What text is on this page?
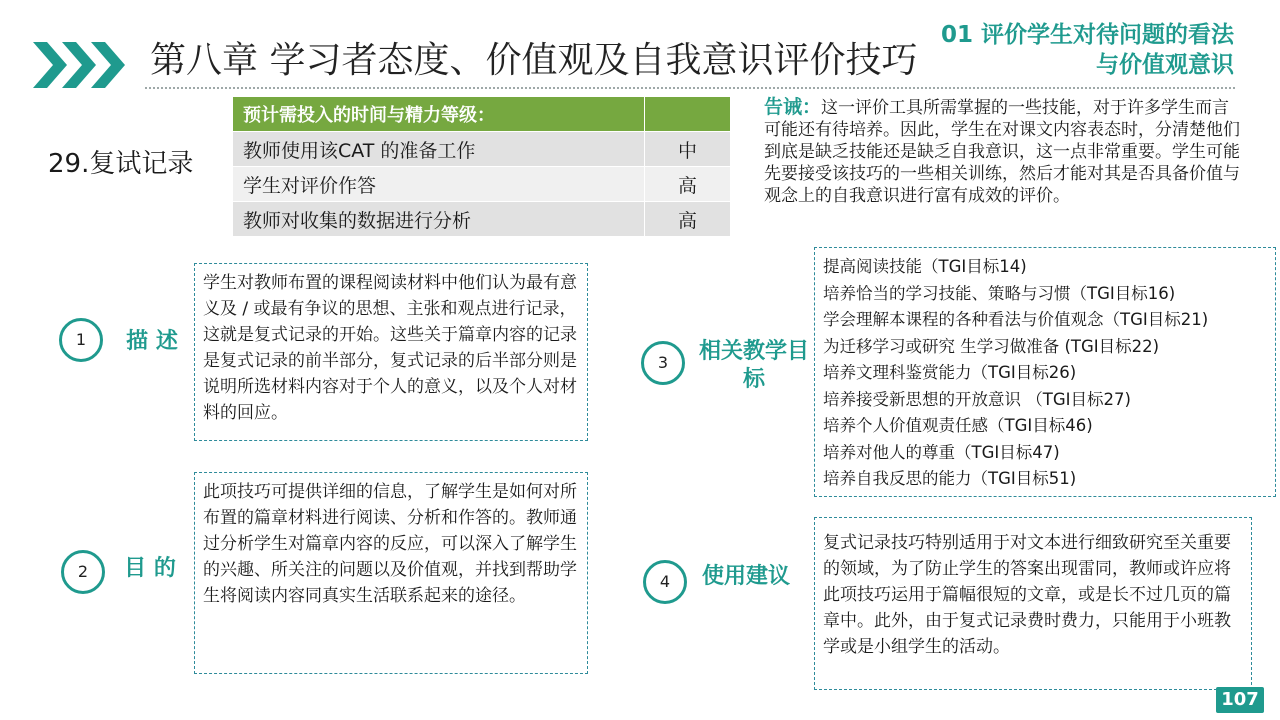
第八章 学习者态度、价值观及自我意识评价技巧
01 评价学生对待问题的看法与价值观意识
29.复试记录
预计需投入的时间与精力等级：	
教师使用该CAT 的准备工作	中
学生对评价作答	高
教师对收集的数据进行分析	高
告诫：这一评价工具所需掌握的一些技能，对于许多学生而言可能还有待培养。因此，学生在对课文内容表态时，分清楚他们到底是缺乏技能还是缺乏自我意识，这一点非常重要。学生可能先要接受该技巧的一些相关训练，然后才能对其是否具备价值与观念上的自我意识进行富有成效的评价。
1	描 述
学生对教师布置的课程阅读材料中他们认为最有意义及 / 或最有争议的思想、主张和观点进行记录，这就是复式记录的开始。这些关于篇章内容的记录是复式记录的前半部分，复式记录的后半部分则是说明所选材料内容对于个人的意义，以及个人对材料的回应。
2	目 的
此项技巧可提供详细的信息，了解学生是如何对所布置的篇章材料进行阅读、分析和作答的。教师通过分析学生对篇章内容的反应，可以深入了解学生的兴趣、所关注的问题以及价值观，并找到帮助学生将阅读内容同真实生活联系起来的途径。
3	相关教学目标
提高阅读技能（TGI目标14)
培养恰当的学习技能、策略与习惯（TGI目标16)
学会理解本课程的各种看法与价值观念（TGI目标21)
为迁移学习或研究 生学习做准备 (TGI目标22)
培养文理科鉴赏能力（TGI目标26)
培养接受新思想的开放意识 （TGI目标27)
培养个人价值观责任感（TGI目标46)
培养对他人的尊重（TGI目标47)
培养自我反思的能力（TGI目标51)
4	使用建议
复式记录技巧特别适用于对文本进行细致研究至关重要的领域，为了防止学生的答案出现雷同，教师或许应将此项技巧运用于篇幅很短的文章，或是长不过几页的篇章中。此外，由于复式记录费时费力，只能用于小班教学或是小组学生的活动。
107
